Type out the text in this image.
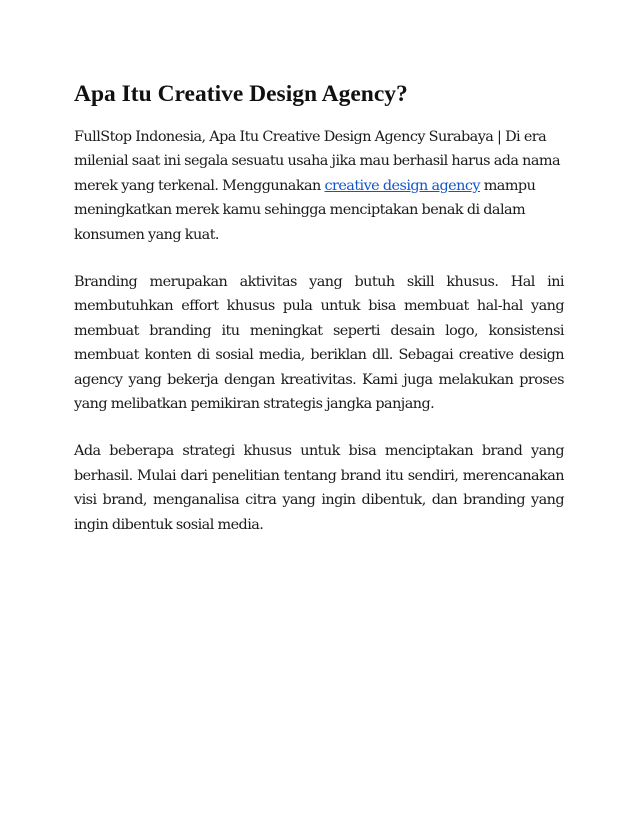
Apa Itu Creative Design Agency?

FullStop Indonesia, Apa Itu Creative Design Agency Surabaya | Di era milenial saat ini segala sesuatu usaha jika mau berhasil harus ada nama merek yang terkenal. Menggunakan creative design agency mampu meningkatkan merek kamu sehingga menciptakan benak di dalam konsumen yang kuat.

Branding merupakan aktivitas yang butuh skill khusus. Hal ini membutuhkan effort khusus pula untuk bisa membuat hal-hal yang membuat branding itu meningkat seperti desain logo, konsistensi membuat konten di sosial media, beriklan dll. Sebagai creative design agency yang bekerja dengan kreativitas. Kami juga melakukan proses yang melibatkan pemikiran strategis jangka panjang.

Ada beberapa strategi khusus untuk bisa menciptakan brand yang berhasil. Mulai dari penelitian tentang brand itu sendiri, merencanakan visi brand, menganalisa citra yang ingin dibentuk, dan branding yang ingin dibentuk sosial media.
